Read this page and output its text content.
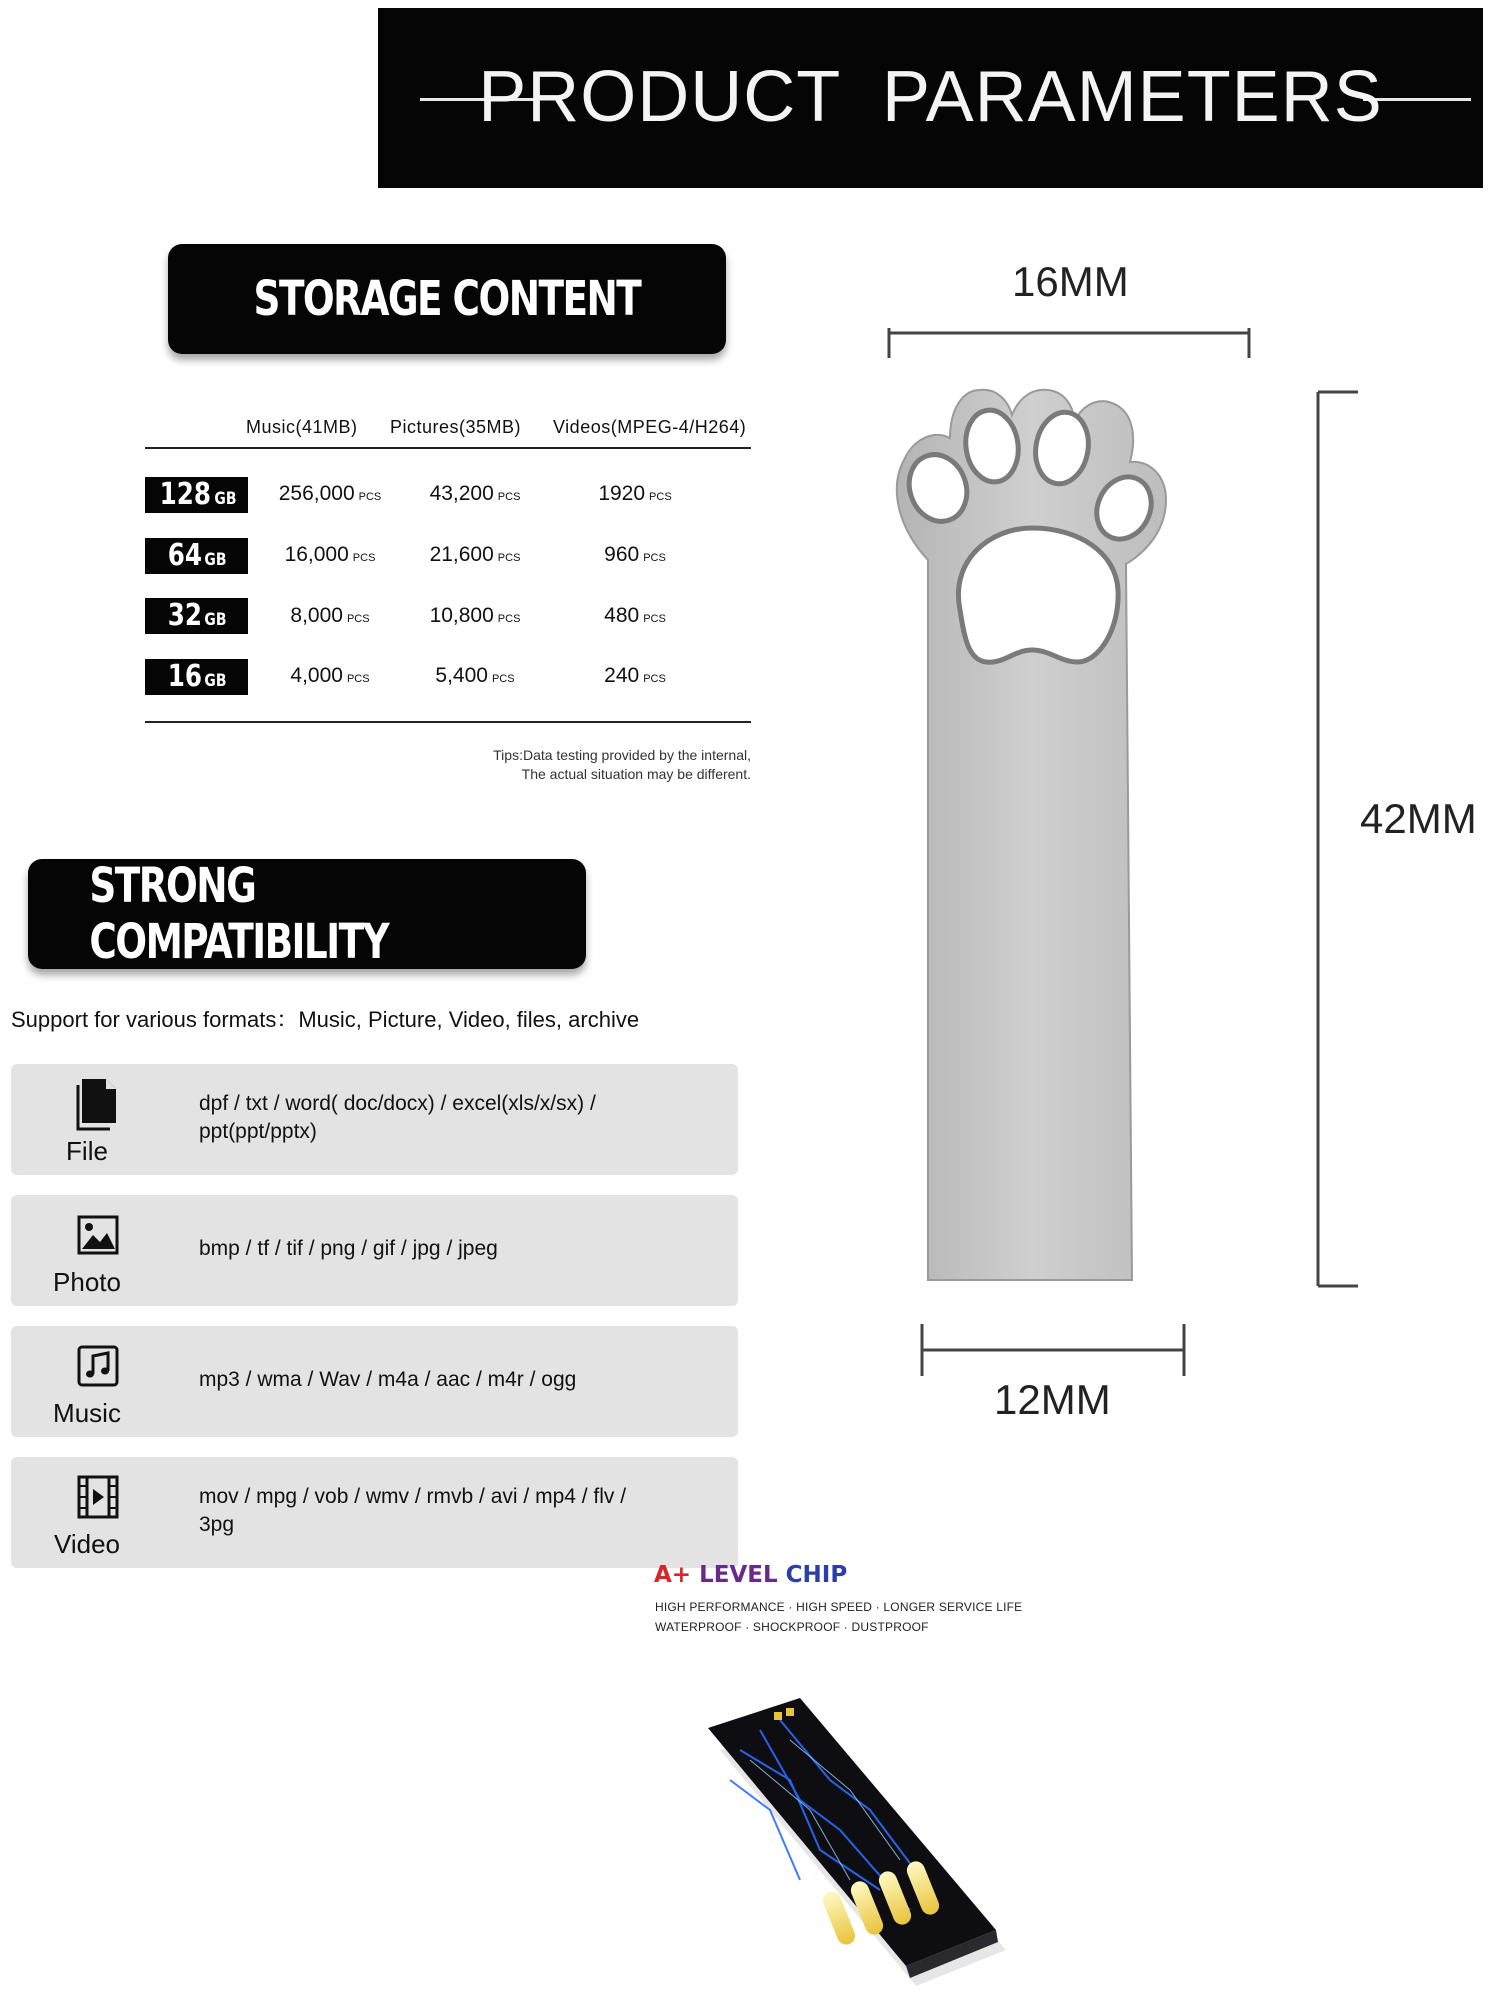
PRODUCT  PARAMETERS
STORAGE CONTENT
Music(41MB) Pictures(35MB) Videos(MPEG-4/H264)
128 GB	256,000 PCS	43,200 PCS	1920 PCS
64 GB	16,000 PCS	21,600 PCS	960 PCS
32 GB	8,000 PCS	10,800 PCS	480 PCS
16 GB	4,000 PCS	5,400 PCS	240 PCS
Tips:Data testing provided by the internal,
The actual situation may be different.
STRONG COMPATIBILITY
Support for various formats：Music, Picture, Video, files, archive
File
dpf / txt / word( doc/docx) / excel(xls/x/sx) / ppt(ppt/pptx)
Photo
bmp / tf / tif / png / gif / jpg / jpeg
Music
mp3 / wma / Wav / m4a / aac / m4r / ogg
Video
mov / mpg / vob / wmv / rmvb / avi / mp4 / flv / 3pg
16MM
42MM
12MM
A+ LEVEL CHIP
HIGH PERFORMANCE · HIGH SPEED · LONGER SERVICE LIFE
WATERPROOF · SHOCKPROOF · DUSTPROOF
